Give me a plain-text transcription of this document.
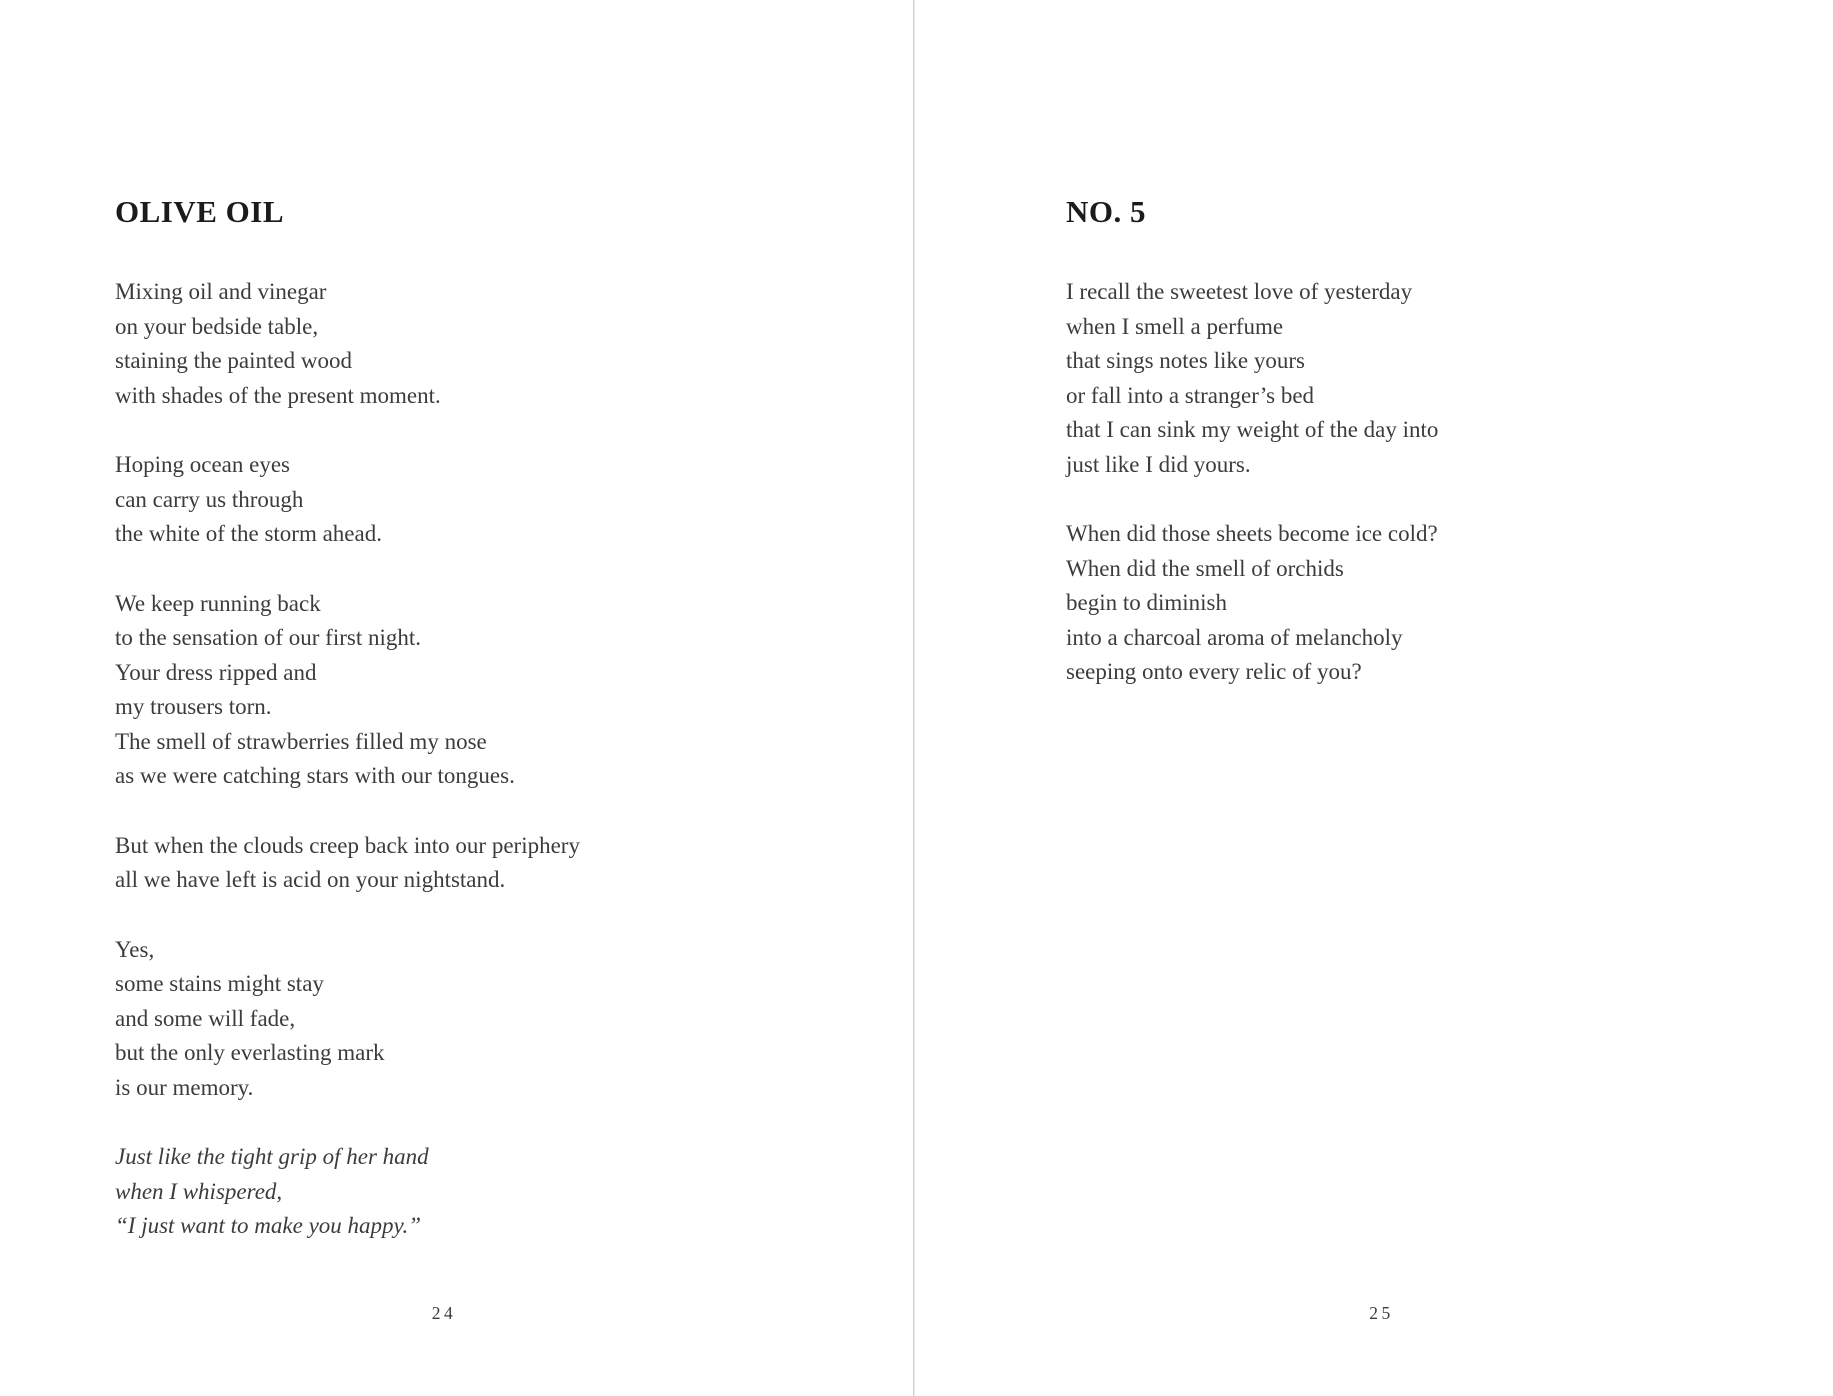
OLIVE OIL
Mixing oil and vinegar
on your bedside table,
staining the painted wood
with shades of the present moment.
Hoping ocean eyes
can carry us through
the white of the storm ahead.
We keep running back
to the sensation of our first night.
Your dress ripped and
my trousers torn.
The smell of strawberries filled my nose
as we were catching stars with our tongues.
But when the clouds creep back into our periphery
all we have left is acid on your nightstand.
Yes,
some stains might stay
and some will fade,
but the only everlasting mark
is our memory.
Just like the tight grip of her hand
when I whispered,
“I just want to make you happy.”
24
NO. 5
I recall the sweetest love of yesterday
when I smell a perfume
that sings notes like yours
or fall into a stranger’s bed
that I can sink my weight of the day into
just like I did yours.
When did those sheets become ice cold?
When did the smell of orchids
begin to diminish
into a charcoal aroma of melancholy
seeping onto every relic of you?
25
